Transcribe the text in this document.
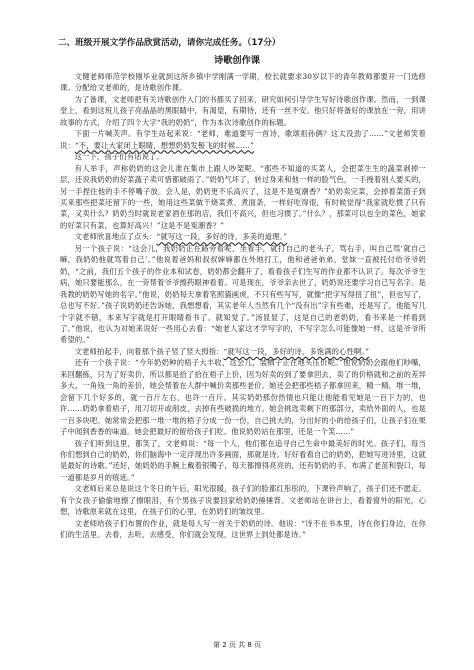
二、班级开展文学作品欣赏活动，请你完成任务。（17分）
诗歌创作课

文健老师师范学校刚毕业就到这所乡镇中学刚满一学期，校长就要求30岁以下的青年教师都要开一门选修课。分配给文老师的，是诗歌创作课。

为了备课，文老师把有关诗歌创作入门的书都买了回来，研究如何引导学生写好诗歌创作课。然而，一到课堂上，看到这班儿孩子亮晶晶的黑眼睛中，有渴望，有期待，还有一丝不安。他只好将备好的课放在一旁，用讲故事的方式，介绍了四个大字“我的奶奶”，作为本次诗歌创作的标题。

下面一片喊芙声。有学生站起来说：“老师，难道要写一首诗，歌颂祖孙俩？这太没劲了……”文老师笑着说：“不，要让大家闭上眼睛，想想奶奶发髻飞的时候……”

这一下，孩子们有话说了。

有人举手，声称奶奶的这会儿准在集市上跟人吵架呢。“那些不知道的买菜人，会把菜生生的蔬菜剥掉一层，还说我奶奶的好菜蔬子卖可惜都破雨了。”奶奶气坏了，转过身来和他一样的脸气色，一手拽着别人要买的，另一手捏住他的手不停嘴子放。会人是，奶奶更不乐高兴了，这是不是冤潮香？”奶奶卖完菜，会掉着菜篮子到买来那些把菜还留下的一些，她用这些菜做干烧菜煮、煮面条，一样好吃得很，有时候觉得“我家就吃惯了只有菜，又卖什么？奶奶当时就说老家酒在那的店，我们不高兴，但也习惯了。”什么？，那菜可以也全的菜色，她家的好菜只有菜，也算好高兴！”这是不是冤潮香？”

文老师欣喜地点了点头：“就写这一段，多好的诗，多美的道理。”

另一个孩子说：“这会儿，我奶奶正在路旁看呢，坐着手，就打自己的老头子，骂右手，叫自己骂‘就自己嘛，我奶奶他就骂着自己’。”他说着爸妈和叔叔婶婶都在外地打工，他和爸爸弟弟、堂妹一直被托付给爷爷奶奶，“之前，我们五个孩子的作业本和试卷，奶奶都会翻开了，看看孩子们生写的作业都不认识了。每次爷爷生病，她只要能那么，在一旁帮着爷爷擦药眼神看着。可是现在，爷爷亲去世了，奶奶说还要学习自己写名字。是我教的奶奶写她的名字。”他说，奶奶每天拿着笔照猫画虎，不只有些写写，就像“把字写得扭了扭”，但也写了，总也写不好。”孩子说奶奶还告诉她，我想想看，其实老年人当然有几个“没有出”字有些难，还是写了，他能写几个字就不错，本来写字就是打开眼睛看书了。就知觉了。”汤显显了，这是自己的老奶奶，看书来是一样看到了。”他说，也认为对她来说好一些用心去看：“她老人家这才学写字的，不写字怎么可能像她一样，这是爷爷所希望的。”

文老师拍起手，向着那个孩子竖了竖大拇指：“就写这一段，多好的诗，多饱满的心性啊。”

还有一个孩子说：“今年奶奶种的梧子大丰收，这会儿，装栖子正在地头压价呢。”他说奶奶会跟他们吵嘴，来回翻拣，只为了好卖价，所以都是拾了拾在梧子上价，因为好卖的到了要拿回去，卖了的价格就和之前的差异多大，一角钱一角的差价，她会帮着在人群中喊价卖那些老价。她还会把那些梧子都拿回来，精一精，堆一堆，会留下几个好多的，就一百斤左右，也许一百斤。其实奶奶那份热情也只能让他能看见她是一百下力的，也许……奶奶拿着梧子，用刀切开或削皮，去掉有些破损的地方。她会挑选卖剩下的那部分，卖给外面的人，也是一百多块吧。她常常会把那一堆一堆的梧子分成一份一份，自己挑大的，分出好的小的给孩子们，让孩子们在果子中闻到香香的味道。她会把最好的留给孩子们吃。他说奶奶站在那里，还是一个笑……”

孩子们听到这里，都笑了，文老师说：“每一个人，他们都在追寻自己生命中最美好的时光。孩子们，每当你们想到自己的奶奶，你们脑海中一定浮现出许多画面，那就是诗。好好看看自己的奶奶，把她写进诗里，这就是最好的诗歌。”还好，她奶奶的手腕上戴着银镯子，每天都擦得亮亮的，还有奶奶的手，布满了老茧和裂口，每一道都是岁月的痕迹。”

文老师后来总是说这个冬日的午后，阳光很暖，孩子们的脸都红彤彤的。下课铃声响了，孩子们还不愿走。有个女孩子偷偷地擦了擦眼泪，有个男孩子说要回家给奶奶捶捶背。文老师站在讲台上，看着窗外的阳光，心想，诗歌原来就在这里，在孩子们的心里，在奶奶们的皱纹里。

文老师给孩子们布置的作业，就是每人写一首关于奶奶的诗。他说：“诗不在书本里，诗在你们身边，在你们的生活里。去看，去听，去感受，你们就会发现，这世界上到处都是诗。”

第 2 页 共 8 页
